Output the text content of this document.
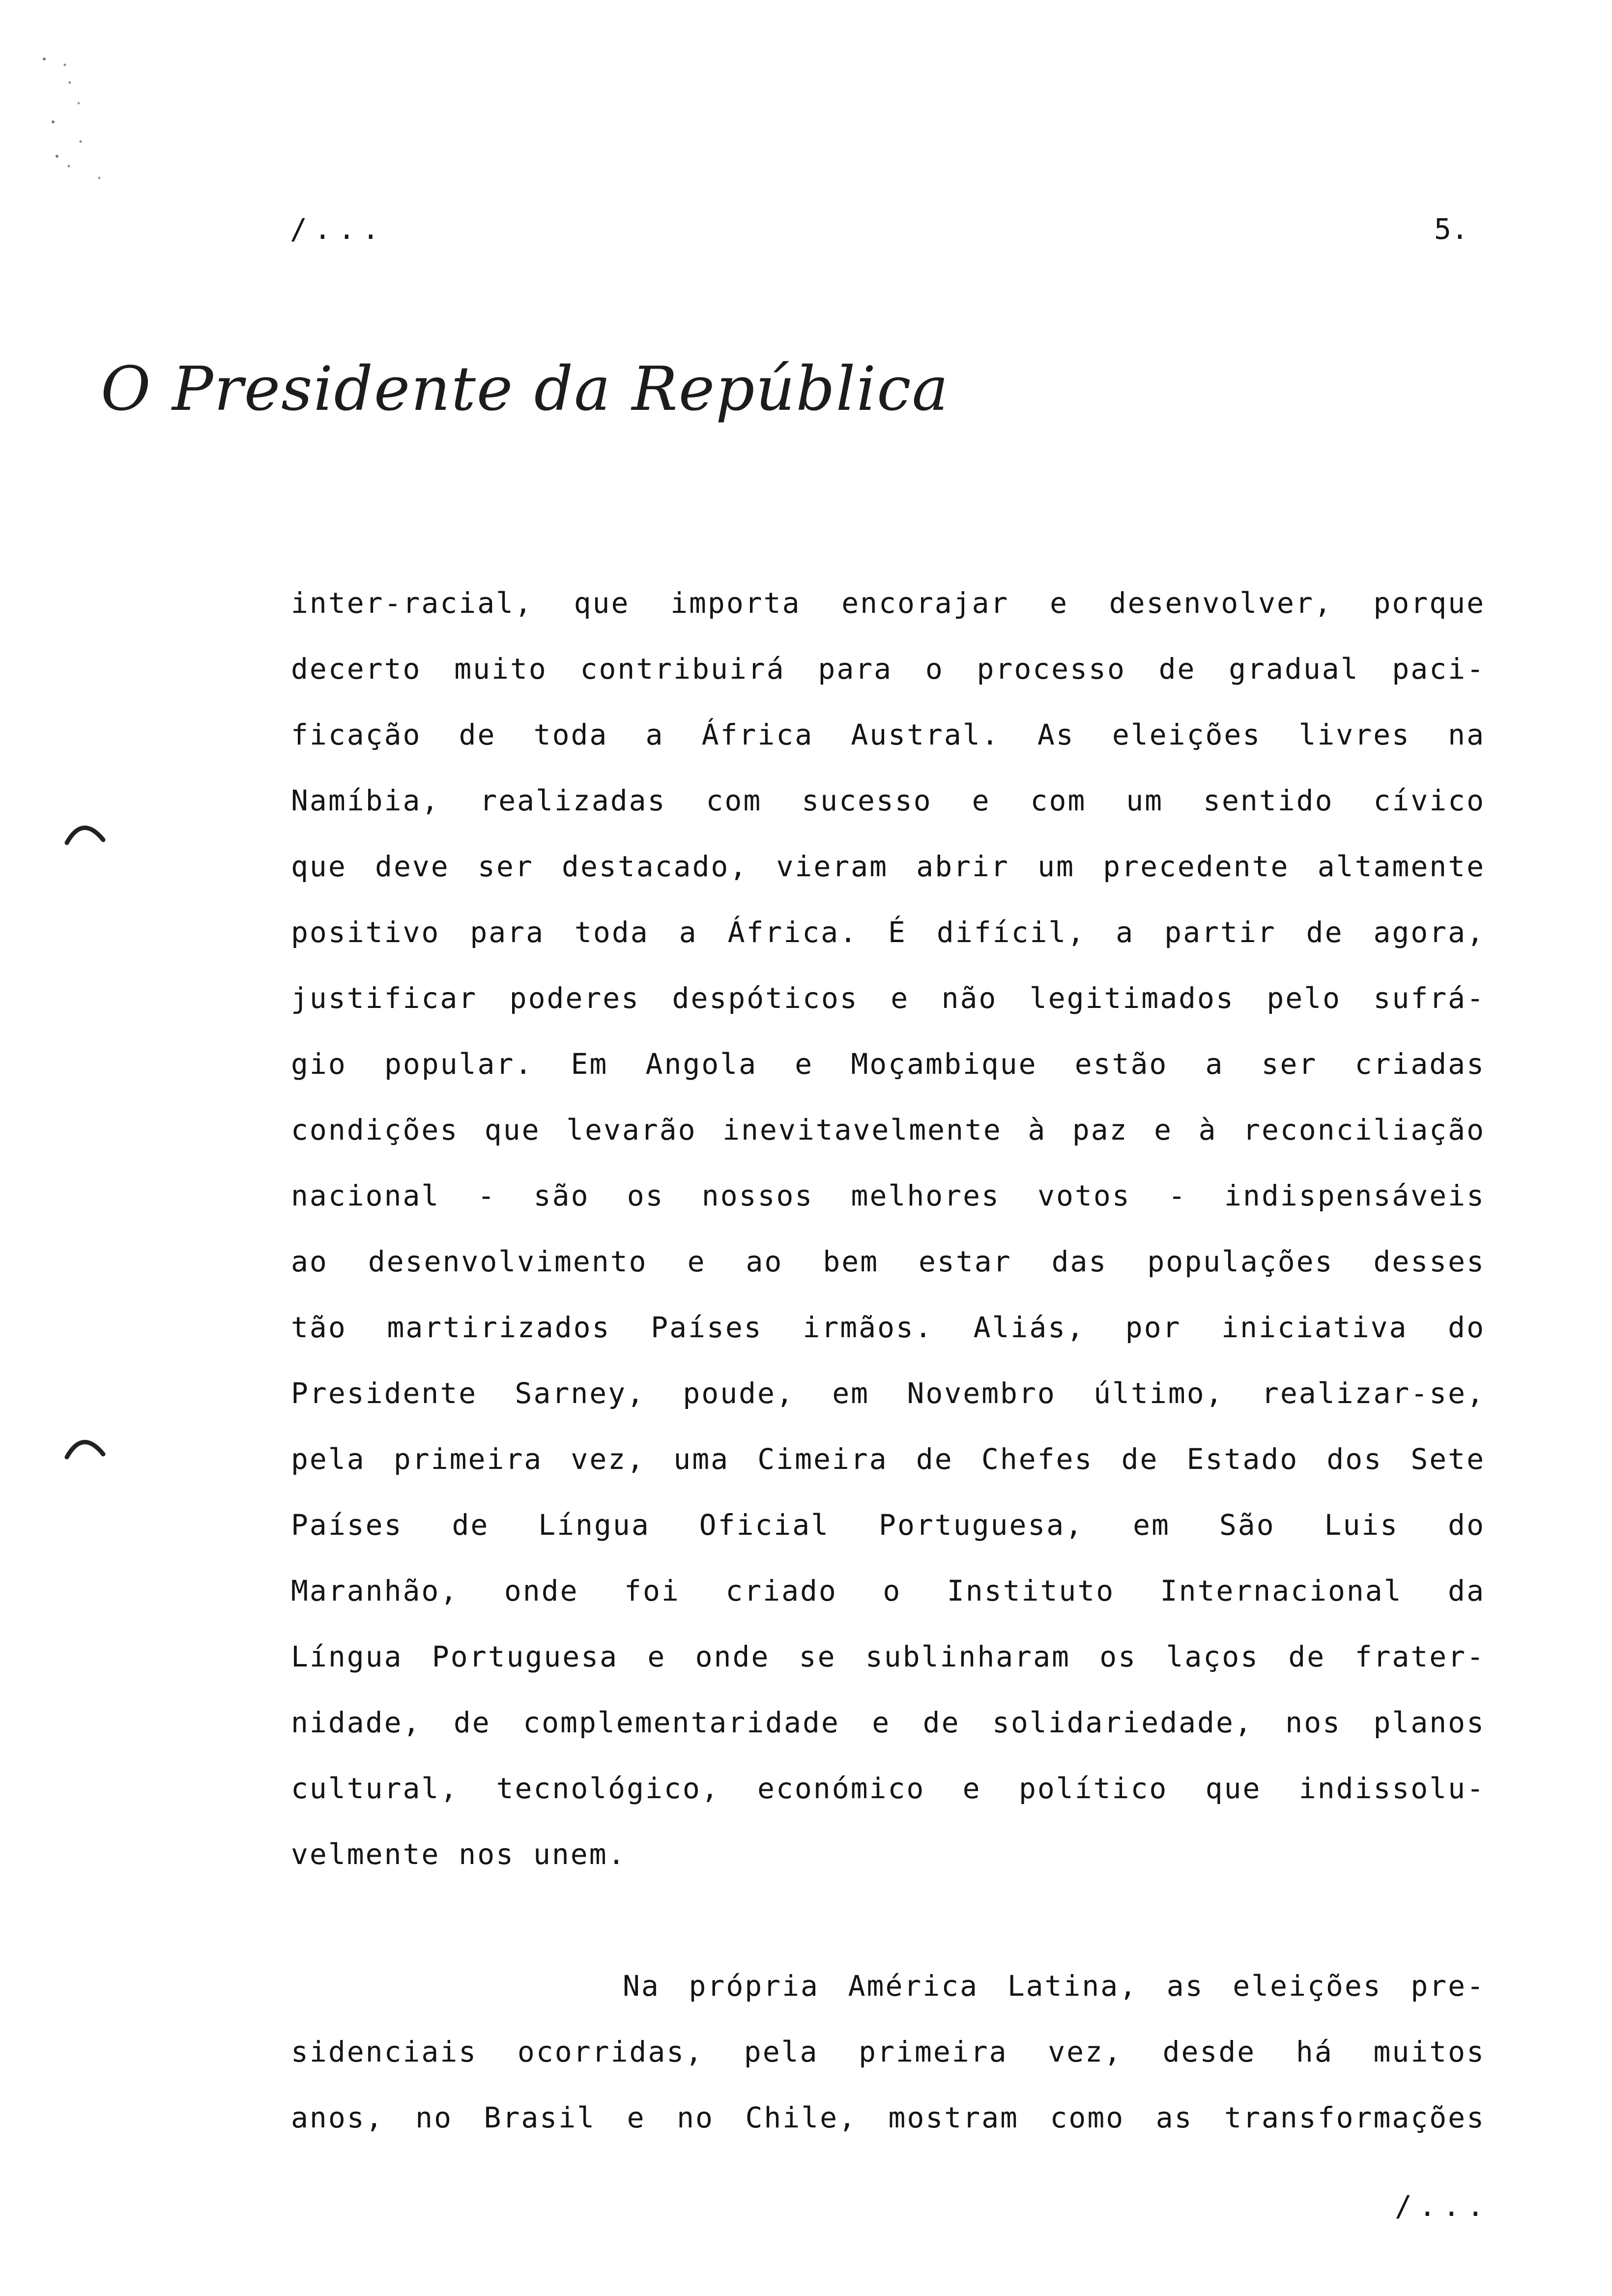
/...	5.
O Presidente da República
inter-racial, que importa encorajar e desenvolver, porque
decerto muito contribuirá para o processo de gradual paci-
ficação de toda a África Austral. As eleições livres na
Namíbia, realizadas com sucesso e com um sentido cívico
que deve ser destacado, vieram abrir um precedente altamente
positivo para toda a África. É difícil, a partir de agora,
justificar poderes despóticos e não legitimados pelo sufrá-
gio popular. Em Angola e Moçambique estão a ser criadas
condições que levarão inevitavelmente à paz e à reconciliação
nacional - são os nossos melhores votos - indispensáveis
ao desenvolvimento e ao bem estar das populações desses
tão martirizados Países irmãos. Aliás, por iniciativa do
Presidente Sarney, poude, em Novembro último, realizar-se,
pela primeira vez, uma Cimeira de Chefes de Estado dos Sete
Países de Língua Oficial Portuguesa, em São Luis do
Maranhão, onde foi criado o Instituto Internacional da
Língua Portuguesa e onde se sublinharam os laços de frater-
nidade, de complementaridade e de solidariedade, nos planos
cultural, tecnológico, económico e político que indissolu-
velmente nos unem.
Na própria América Latina, as eleições pre-
sidenciais ocorridas, pela primeira vez, desde há muitos
anos, no Brasil e no Chile, mostram como as transformações
/...
